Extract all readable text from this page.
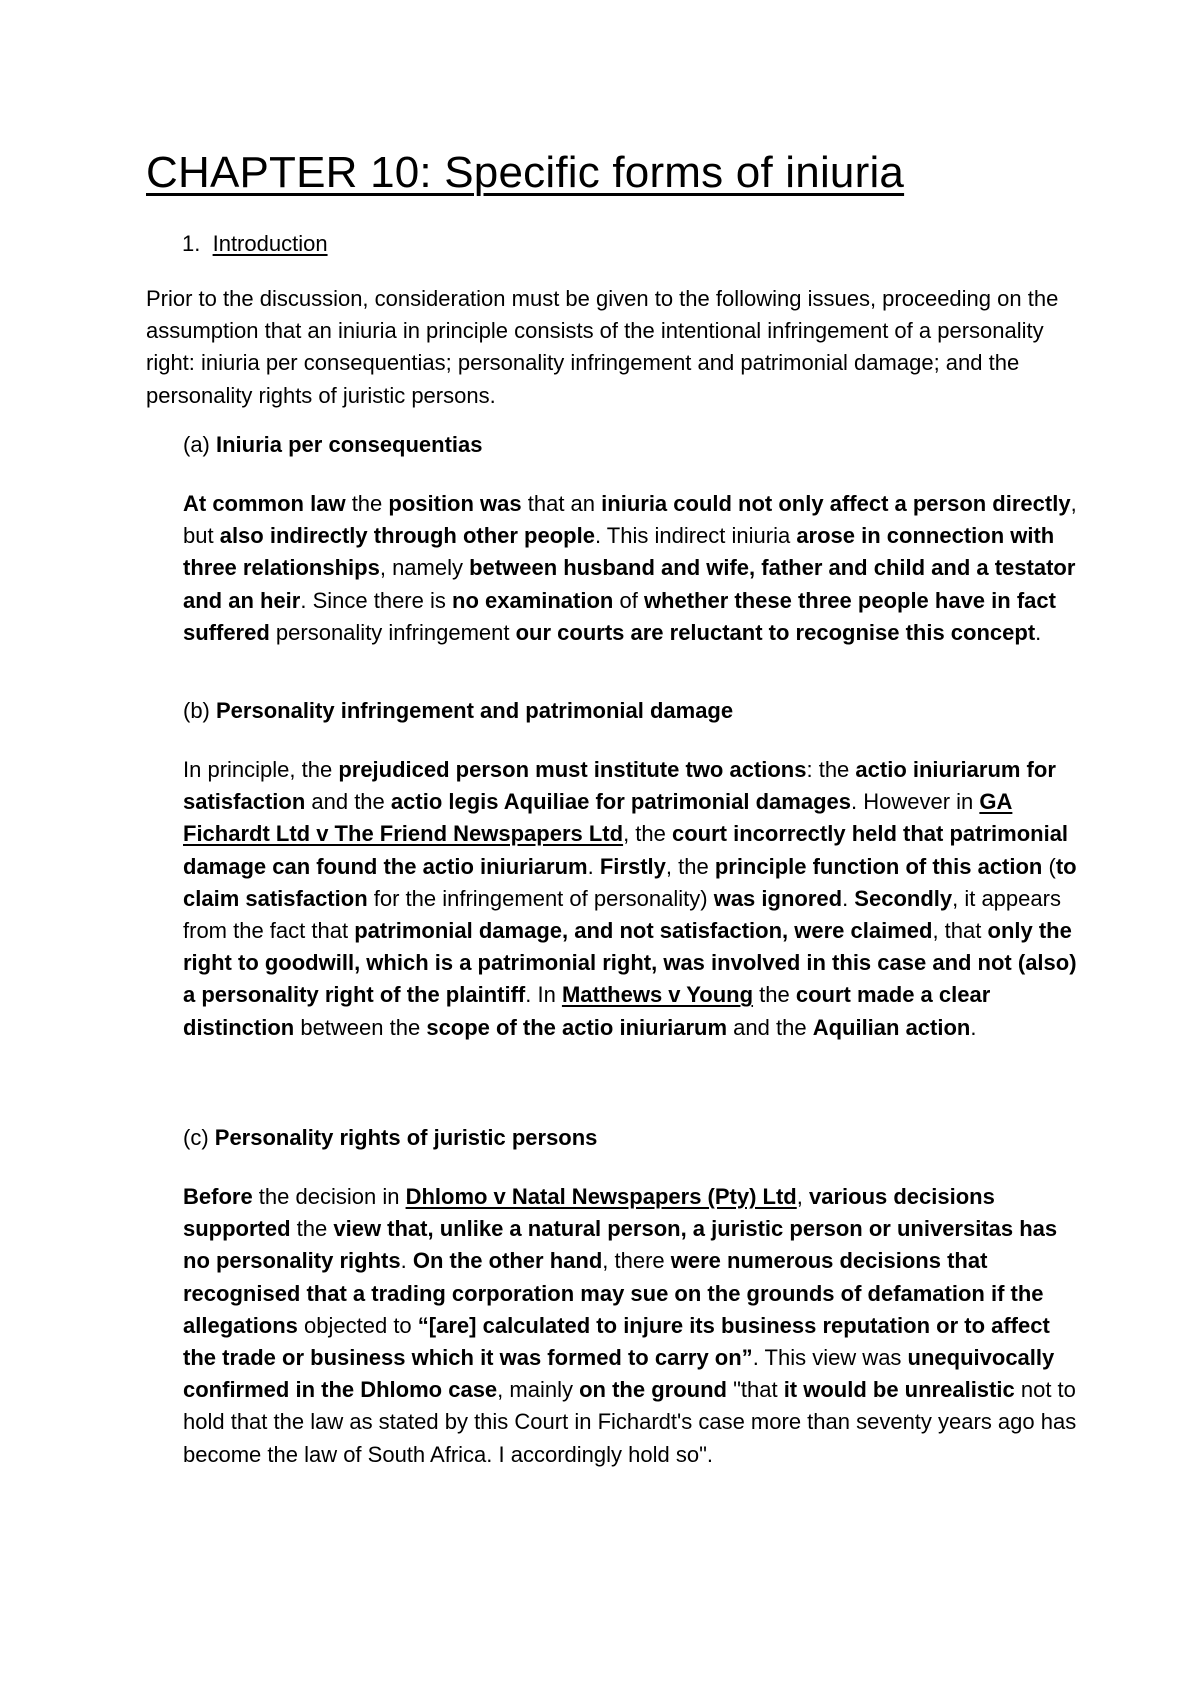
CHAPTER 10: Specific forms of iniuria
1. Introduction

Prior to the discussion, consideration must be given to the following issues, proceeding on the assumption that an iniuria in principle consists of the intentional infringement of a personality right: iniuria per consequentias; personality infringement and patrimonial damage; and the personality rights of juristic persons.

(a) Iniuria per consequentias

At common law the position was that an iniuria could not only affect a person directly, but also indirectly through other people. This indirect iniuria arose in connection with three relationships, namely between husband and wife, father and child and a testator and an heir. Since there is no examination of whether these three people have in fact suffered personality infringement our courts are reluctant to recognise this concept.

(b) Personality infringement and patrimonial damage

In principle, the prejudiced person must institute two actions: the actio iniuriarum for satisfaction and the actio legis Aquiliae for patrimonial damages. However in GA Fichardt Ltd v The Friend Newspapers Ltd, the court incorrectly held that patrimonial damage can found the actio iniuriarum. Firstly, the principle function of this action (to claim satisfaction for the infringement of personality) was ignored. Secondly, it appears from the fact that patrimonial damage, and not satisfaction, were claimed, that only the right to goodwill, which is a patrimonial right, was involved in this case and not (also) a personality right of the plaintiff. In Matthews v Young the court made a clear distinction between the scope of the actio iniuriarum and the Aquilian action.

(c) Personality rights of juristic persons

Before the decision in Dhlomo v Natal Newspapers (Pty) Ltd, various decisions supported the view that, unlike a natural person, a juristic person or universitas has no personality rights. On the other hand, there were numerous decisions that recognised that a trading corporation may sue on the grounds of defamation if the allegations objected to “[are] calculated to injure its business reputation or to affect the trade or business which it was formed to carry on”. This view was unequivocally confirmed in the Dhlomo case, mainly on the ground "that it would be unrealistic not to hold that the law as stated by this Court in Fichardt's case more than seventy years ago has become the law of South Africa. I accordingly hold so".
